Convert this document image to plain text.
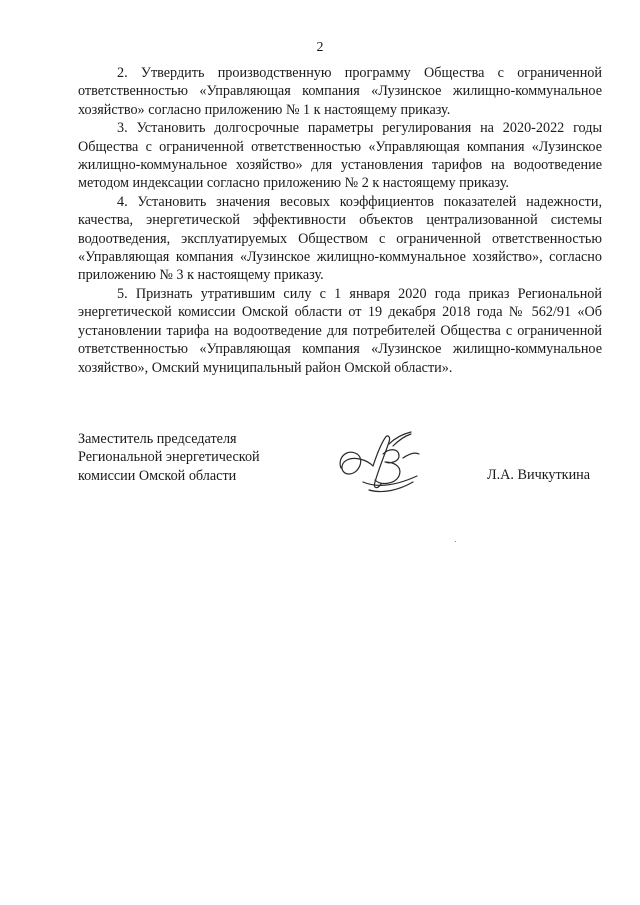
2

2. Утвердить производственную программу Общества с ограниченной ответственностью «Управляющая компания «Лузинское жилищно-коммунальное хозяйство» согласно приложению № 1 к настоящему приказу.

3. Установить долгосрочные параметры регулирования на 2020-2022 годы Общества с ограниченной ответственностью «Управляющая компания «Лузинское жилищно-коммунальное хозяйство» для установления тарифов на водоотведение методом индексации согласно приложению № 2 к настоящему приказу.

4. Установить значения весовых коэффициентов показателей надежности, качества, энергетической эффективности объектов централизованной системы водоотведения, эксплуатируемых Обществом с ограниченной ответственностью «Управляющая компания «Лузинское жилищно-коммунальное хозяйство», согласно приложению № 3 к настоящему приказу.

5. Признать утратившим силу с 1 января 2020 года приказ Региональной энергетической комиссии Омской области от 19 декабря 2018 года № 562/91 «Об установлении тарифа на водоотведение для потребителей Общества с ограниченной ответственностью «Управляющая компания «Лузинское жилищно-коммунальное хозяйство», Омский муниципальный район Омской области».

Заместитель председателя
Региональной энергетической
комиссии Омской области	Л.А. Вичкуткина
